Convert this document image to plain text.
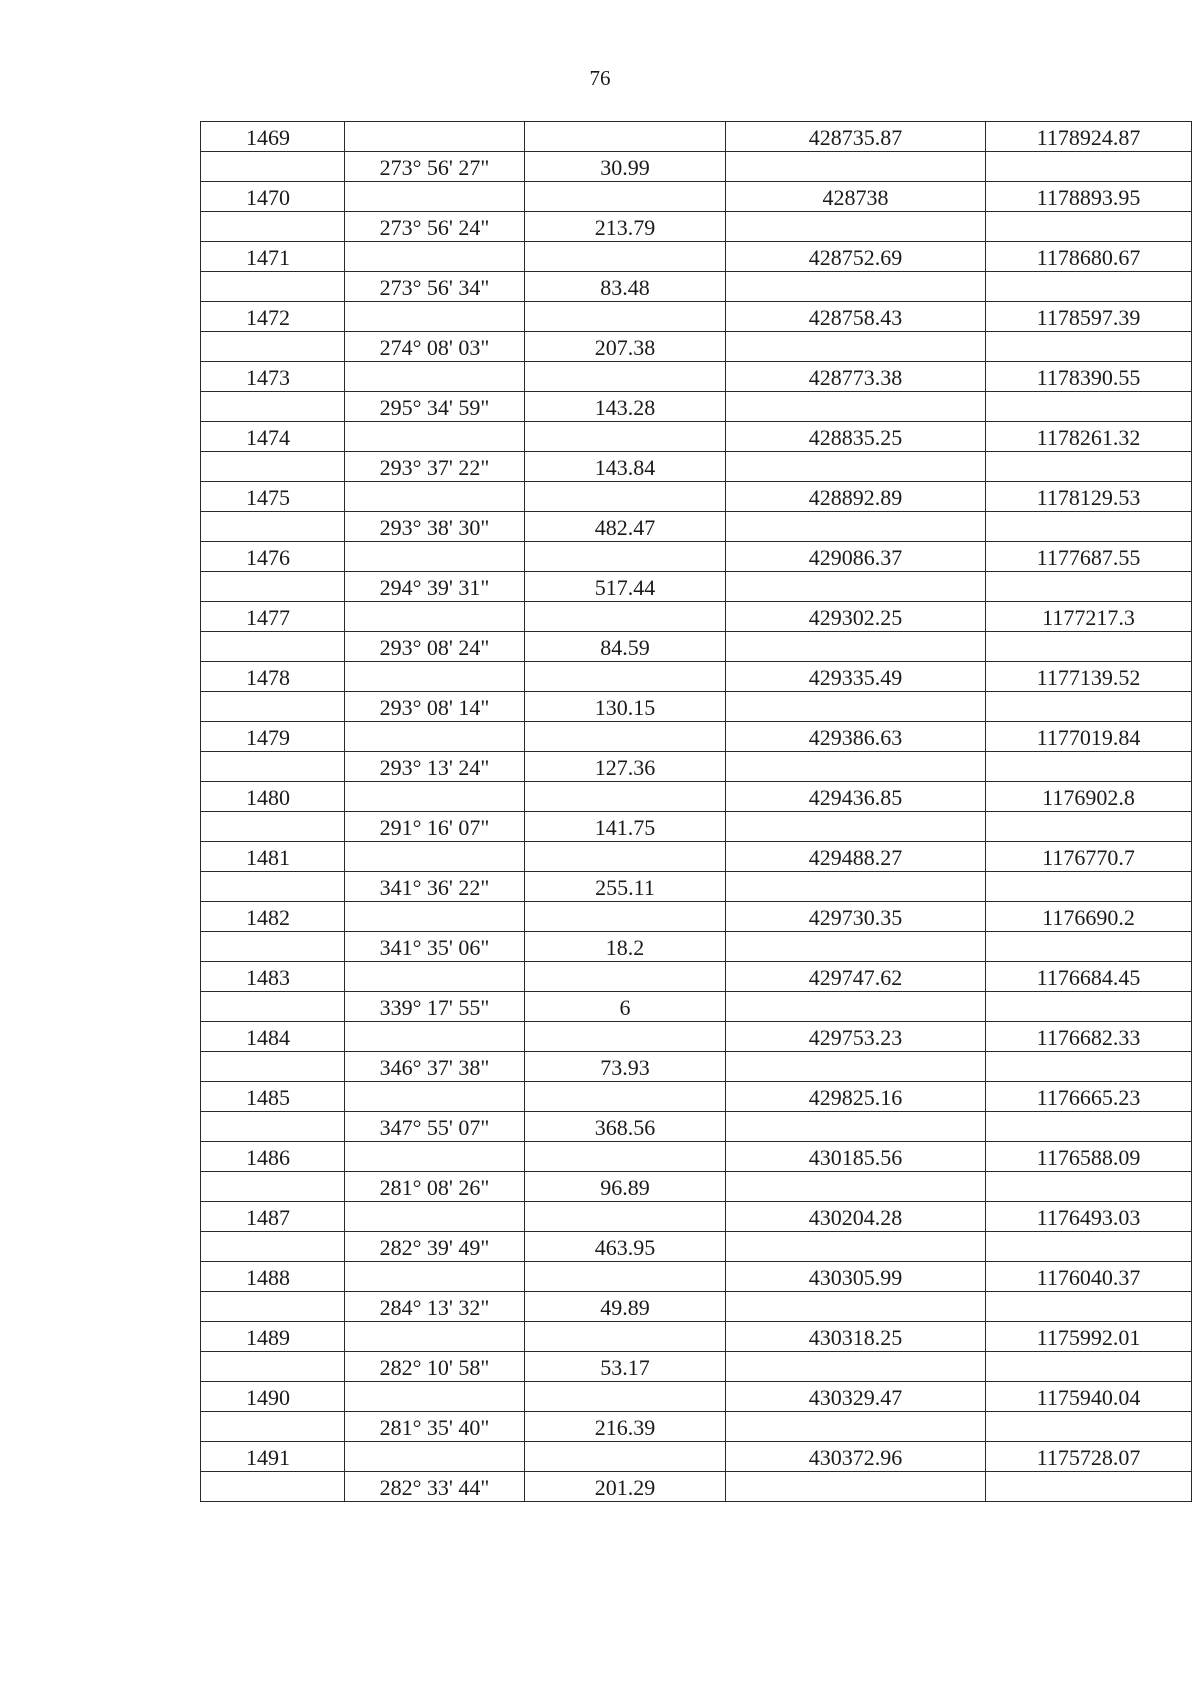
76
1469			428735.87	1178924.87
	273° 56' 27"	30.99		
1470			428738	1178893.95
	273° 56' 24"	213.79		
1471			428752.69	1178680.67
	273° 56' 34"	83.48		
1472			428758.43	1178597.39
	274° 08' 03"	207.38		
1473			428773.38	1178390.55
	295° 34' 59"	143.28		
1474			428835.25	1178261.32
	293° 37' 22"	143.84		
1475			428892.89	1178129.53
	293° 38' 30"	482.47		
1476			429086.37	1177687.55
	294° 39' 31"	517.44		
1477			429302.25	1177217.3
	293° 08' 24"	84.59		
1478			429335.49	1177139.52
	293° 08' 14"	130.15		
1479			429386.63	1177019.84
	293° 13' 24"	127.36		
1480			429436.85	1176902.8
	291° 16' 07"	141.75		
1481			429488.27	1176770.7
	341° 36' 22"	255.11		
1482			429730.35	1176690.2
	341° 35' 06"	18.2		
1483			429747.62	1176684.45
	339° 17' 55"	6		
1484			429753.23	1176682.33
	346° 37' 38"	73.93		
1485			429825.16	1176665.23
	347° 55' 07"	368.56		
1486			430185.56	1176588.09
	281° 08' 26"	96.89		
1487			430204.28	1176493.03
	282° 39' 49"	463.95		
1488			430305.99	1176040.37
	284° 13' 32"	49.89		
1489			430318.25	1175992.01
	282° 10' 58"	53.17		
1490			430329.47	1175940.04
	281° 35' 40"	216.39		
1491			430372.96	1175728.07
	282° 33' 44"	201.29		
